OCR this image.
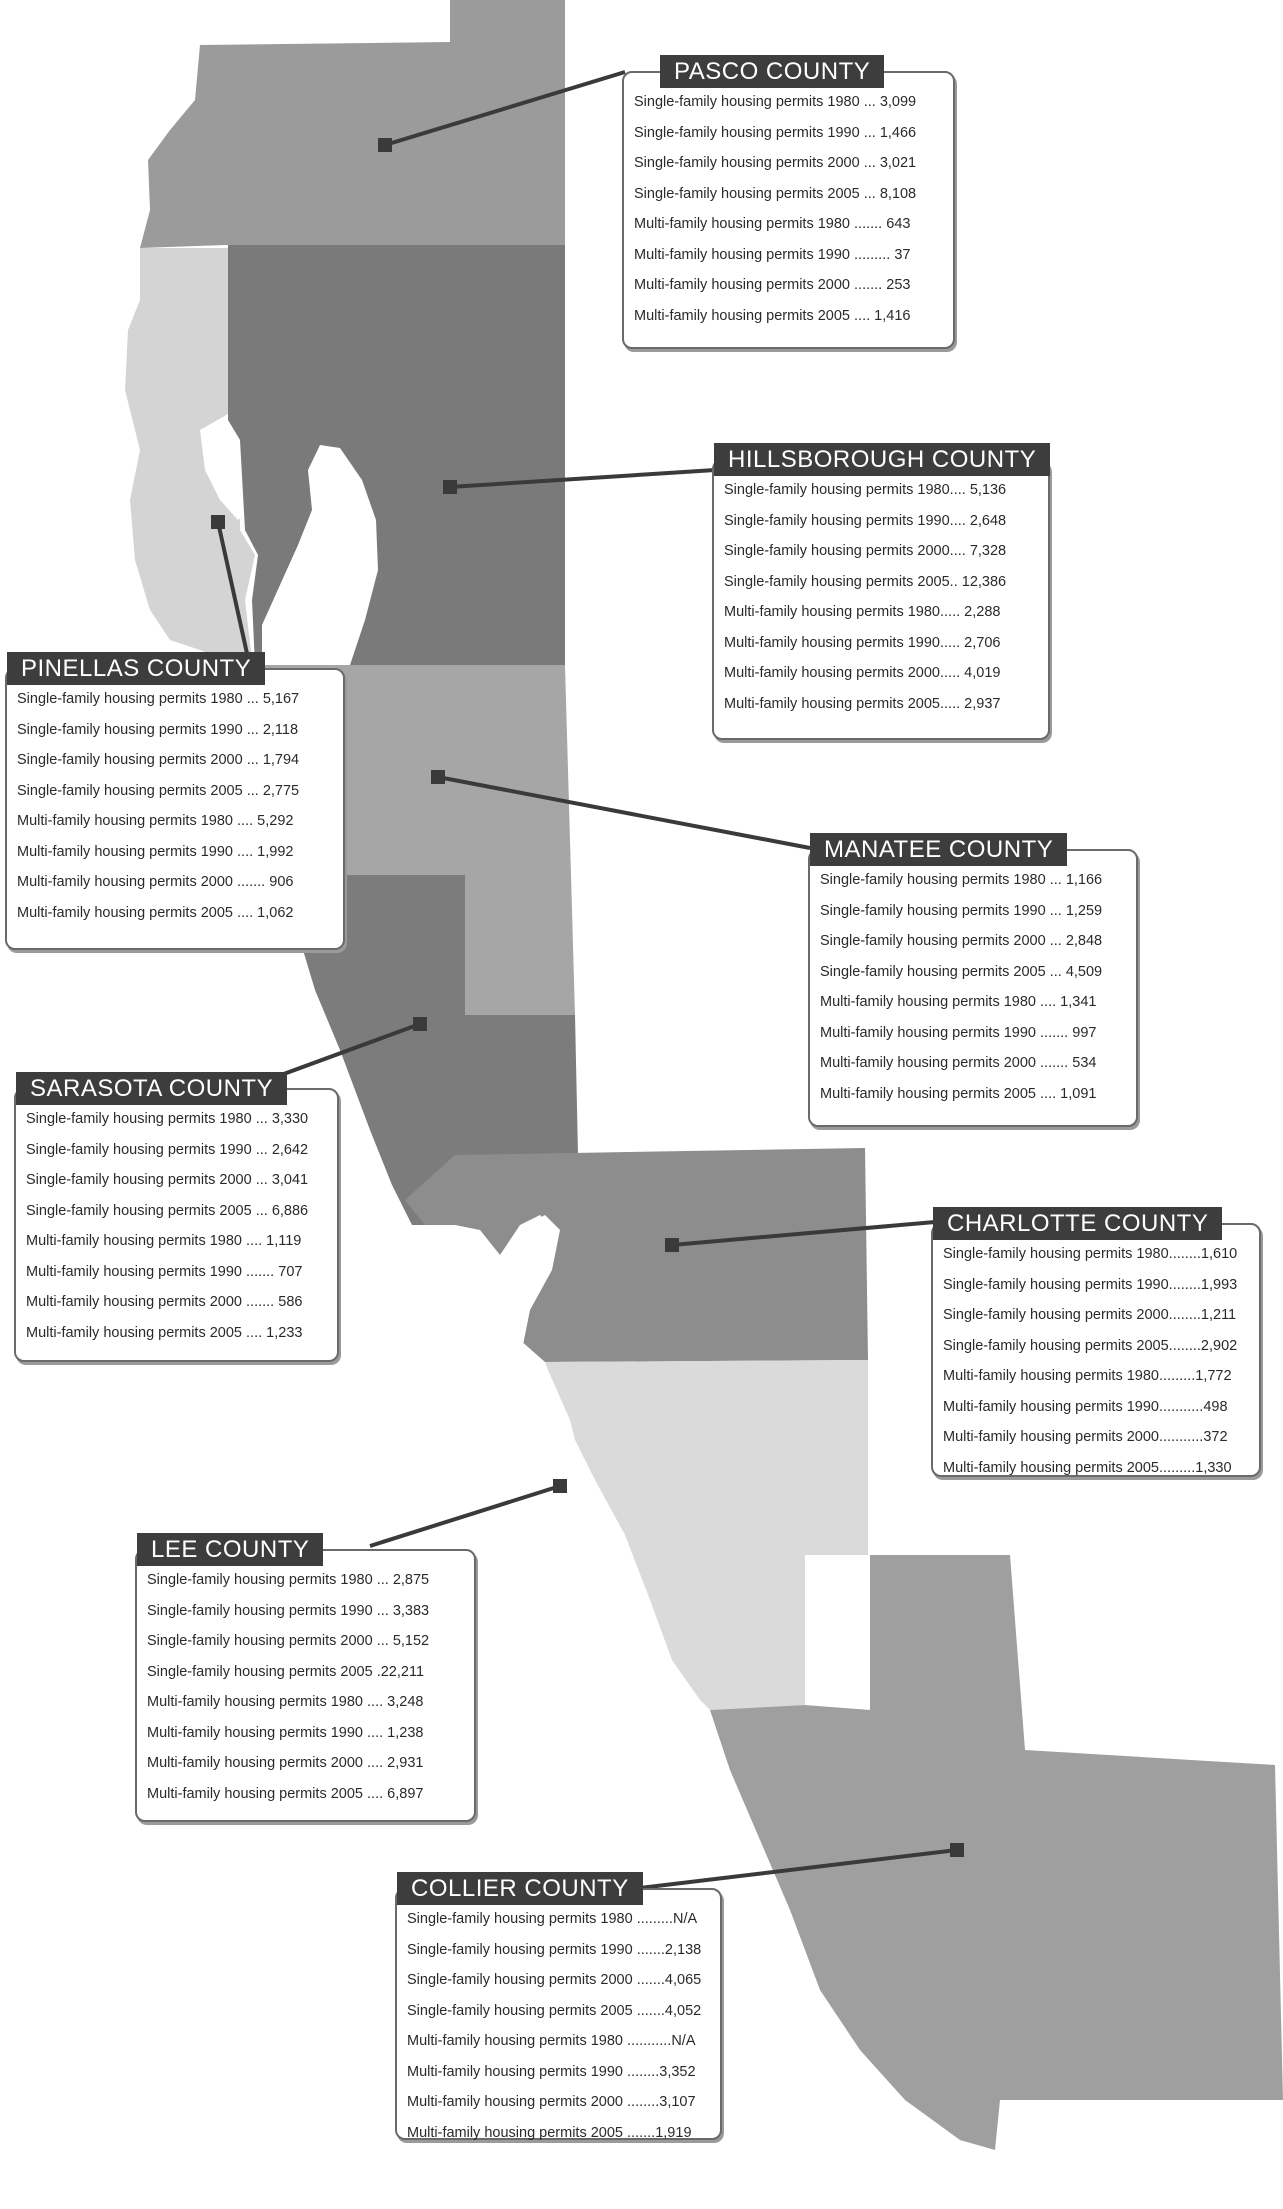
PASCO COUNTY
Single-family housing permits 1980 ... 3,099
Single-family housing permits 1990 ... 1,466
Single-family housing permits 2000 ... 3,021
Single-family housing permits 2005 ... 8,108
Multi-family housing permits 1980 ....... 643
Multi-family housing permits 1990 ......... 37
Multi-family housing permits 2000 ....... 253
Multi-family housing permits 2005 .... 1,416
HILLSBOROUGH COUNTY
Single-family housing permits 1980.... 5,136
Single-family housing permits 1990.... 2,648
Single-family housing permits 2000.... 7,328
Single-family housing permits 2005.. 12,386
Multi-family housing permits 1980..... 2,288
Multi-family housing permits 1990..... 2,706
Multi-family housing permits 2000..... 4,019
Multi-family housing permits 2005..... 2,937
PINELLAS COUNTY
Single-family housing permits 1980 ... 5,167
Single-family housing permits 1990 ... 2,118
Single-family housing permits 2000 ... 1,794
Single-family housing permits 2005 ... 2,775
Multi-family housing permits 1980 .... 5,292
Multi-family housing permits 1990 .... 1,992
Multi-family housing permits 2000 ....... 906
Multi-family housing permits 2005 .... 1,062
MANATEE COUNTY
Single-family housing permits 1980 ... 1,166
Single-family housing permits 1990 ... 1,259
Single-family housing permits 2000 ... 2,848
Single-family housing permits 2005 ... 4,509
Multi-family housing permits 1980 .... 1,341
Multi-family housing permits 1990 ....... 997
Multi-family housing permits 2000 ....... 534
Multi-family housing permits 2005 .... 1,091
SARASOTA COUNTY
Single-family housing permits 1980 ... 3,330
Single-family housing permits 1990 ... 2,642
Single-family housing permits 2000 ... 3,041
Single-family housing permits 2005 ... 6,886
Multi-family housing permits 1980 .... 1,119
Multi-family housing permits 1990 ....... 707
Multi-family housing permits 2000 ....... 586
Multi-family housing permits 2005 .... 1,233
CHARLOTTE COUNTY
Single-family housing permits 1980........1,610
Single-family housing permits 1990........1,993
Single-family housing permits 2000........1,211
Single-family housing permits 2005........2,902
Multi-family housing permits 1980.........1,772
Multi-family housing permits 1990...........498
Multi-family housing permits 2000...........372
Multi-family housing permits 2005.........1,330
LEE COUNTY
Single-family housing permits 1980 ... 2,875
Single-family housing permits 1990 ... 3,383
Single-family housing permits 2000 ... 5,152
Single-family housing permits 2005 .22,211
Multi-family housing permits 1980 .... 3,248
Multi-family housing permits 1990 .... 1,238
Multi-family housing permits 2000 .... 2,931
Multi-family housing permits 2005 .... 6,897
COLLIER COUNTY
Single-family housing permits 1980 .........N/A
Single-family housing permits 1990 .......2,138
Single-family housing permits 2000 .......4,065
Single-family housing permits 2005 .......4,052
Multi-family housing permits 1980 ...........N/A
Multi-family housing permits 1990 ........3,352
Multi-family housing permits 2000 ........3,107
Multi-family housing permits 2005 .......1,919
